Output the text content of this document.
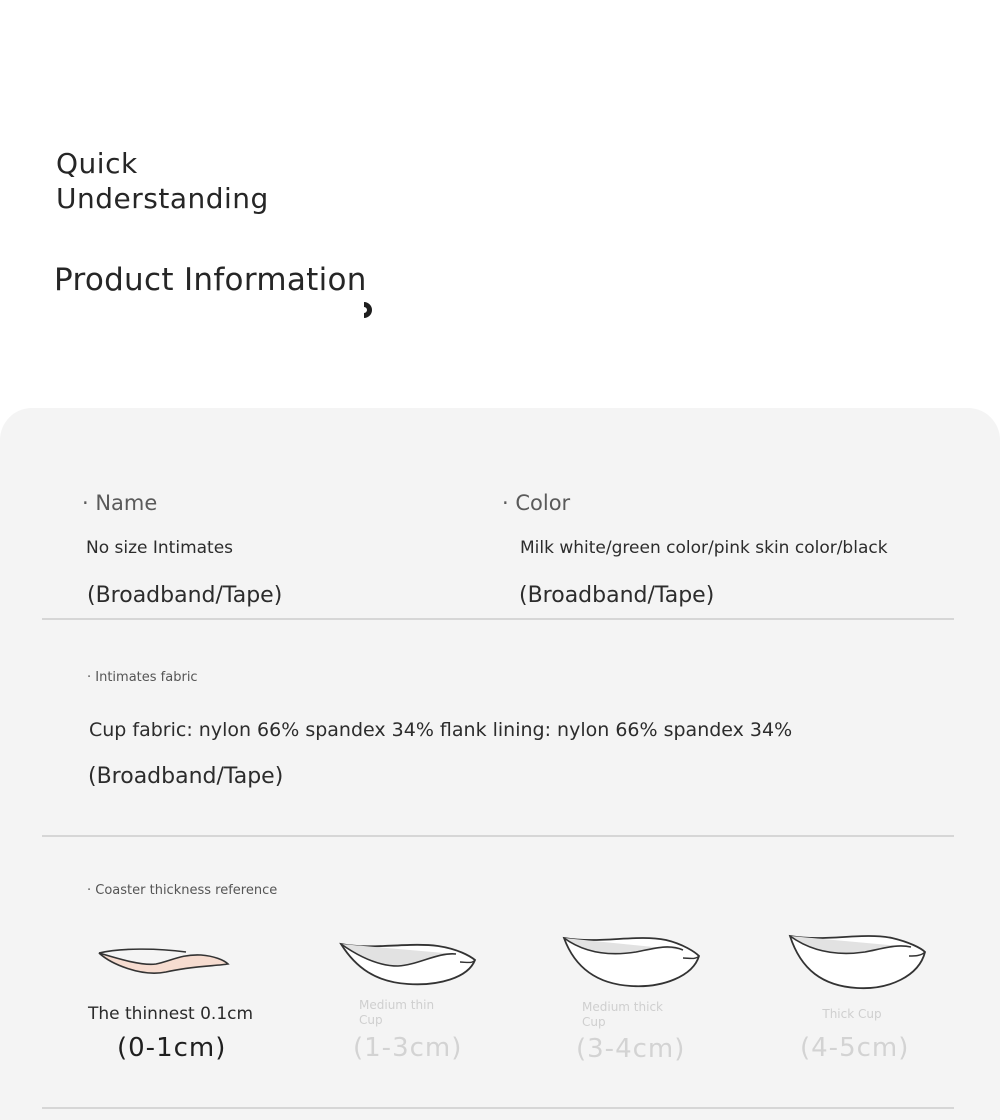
Quick
Understanding
Product Information
· Name
No size Intimates
(Broadband/Tape)
· Color
Milk white/green color/pink skin color/black
(Broadband/Tape)
· Intimates fabric
Cup fabric: nylon 66% spandex 34% flank lining: nylon 66% spandex 34%
(Broadband/Tape)
· Coaster thickness reference
The thinnest 0.1cm
(0-1cm)
Medium thin Cup
(1-3cm)
Medium thick Cup
(3-4cm)
Thick Cup
(4-5cm)
